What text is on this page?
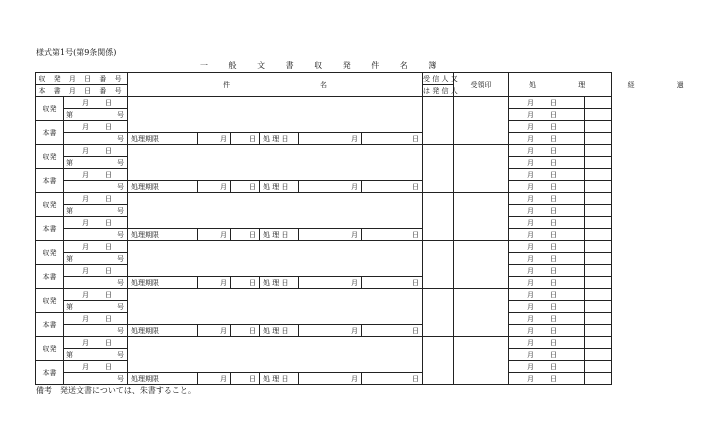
様式第1号(第9条関係)
一 般 文 書 収 発 件 名 簿
収 発 月 日 番 号		件 名						受 信 人 又	受領印	処 理 経 過		
本 書 月 日 番 号								は 発 信 人				
収発	月 日									月 日		
	第 号									月 日		
本書	月 日									月 日		
	号	処理期限	月	日	処 理 日	月	日			月 日		
収発	月 日									月 日		
	第 号									月 日		
本書	月 日									月 日		
	号	処理期限	月	日	処 理 日	月	日			月 日		
収発	月 日									月 日		
	第 号									月 日		
本書	月 日									月 日		
	号	処理期限	月	日	処 理 日	月	日			月 日		
収発	月 日									月 日		
	第 号									月 日		
本書	月 日									月 日		
	号	処理期限	月	日	処 理 日	月	日			月 日		
収発	月 日									月 日		
	第 号									月 日		
本書	月 日									月 日		
	号	処理期限	月	日	処 理 日	月	日			月 日		
収発	月 日									月 日		
	第 号									月 日		
本書	月 日									月 日		
	号	処理期限	月	日	処 理 日	月	日			月 日		
備考　発送文書については、朱書すること。
